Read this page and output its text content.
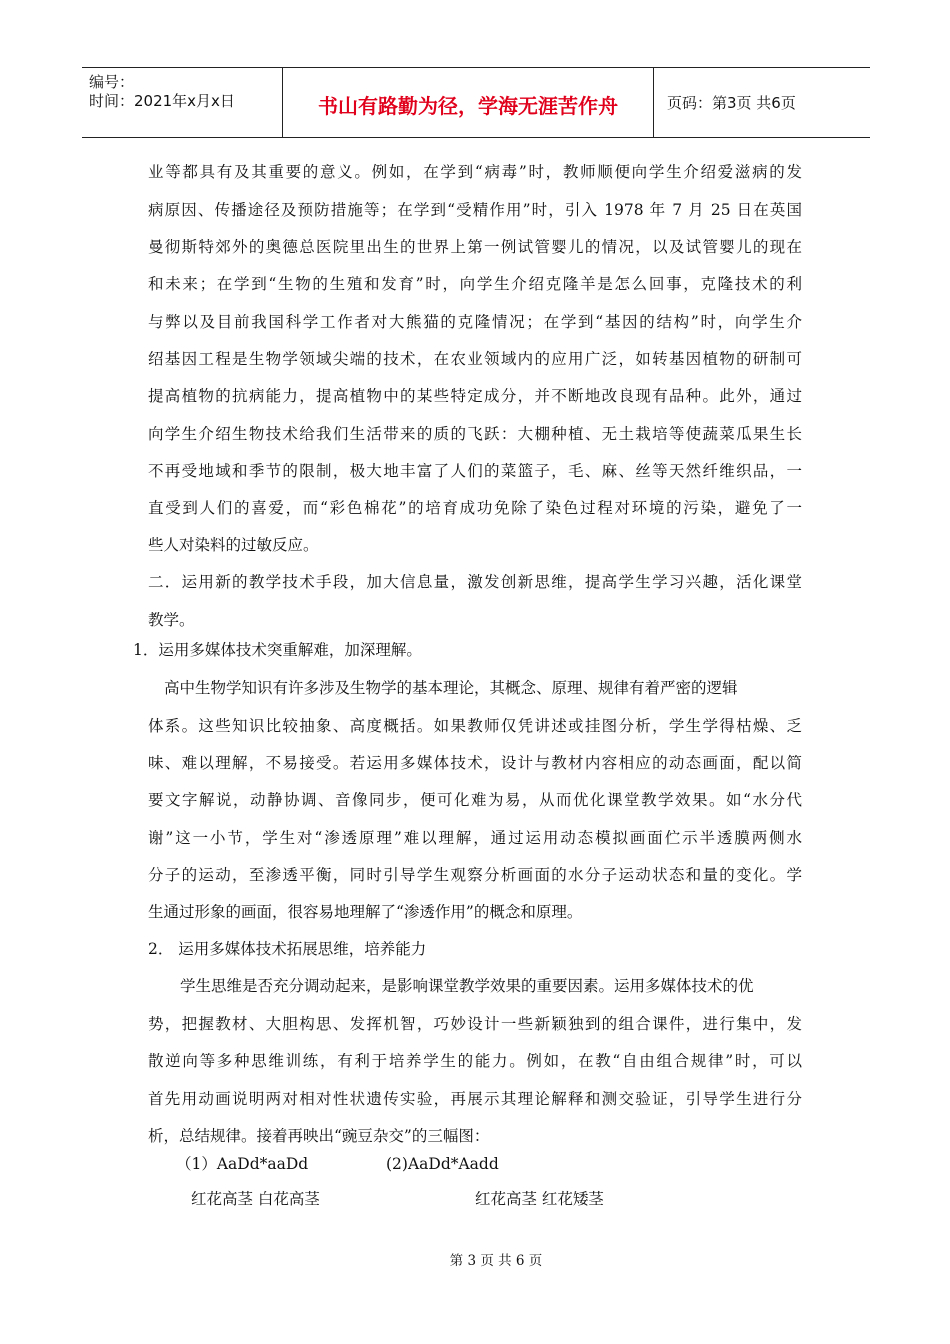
编号：
时间：2021年x月x日	书山有路勤为径，学海无涯苦作舟	页码：第3页 共6页
业等都具有及其重要的意义。例如，在学到“病毒”时，教师顺便向学生介绍爱滋病的发
病原因、传播途径及预防措施等；在学到“受精作用”时，引入 1978 年 7 月 25 日在英国
曼彻斯特郊外的奥德总医院里出生的世界上第一例试管婴儿的情况，以及试管婴儿的现在
和未来；在学到“生物的生殖和发育”时，向学生介绍克隆羊是怎么回事，克隆技术的利
与弊以及目前我国科学工作者对大熊猫的克隆情况；在学到“基因的结构”时，向学生介
绍基因工程是生物学领域尖端的技术，在农业领域内的应用广泛，如转基因植物的研制可
提高植物的抗病能力，提高植物中的某些特定成分，并不断地改良现有品种。此外，通过
向学生介绍生物技术给我们生活带来的质的飞跃：大棚种植、无土栽培等使蔬菜瓜果生长
不再受地域和季节的限制，极大地丰富了人们的菜篮子，毛、麻、丝等天然纤维织品，一
直受到人们的喜爱，而“彩色棉花”的培育成功免除了染色过程对环境的污染，避免了一
些人对染料的过敏反应。
二．运用新的教学技术手段，加大信息量，激发创新思维，提高学生学习兴趣，活化课堂
教学。
1．运用多媒体技术突重解难，加深理解。
高中生物学知识有许多涉及生物学的基本理论，其概念、原理、规律有着严密的逻辑
体系。这些知识比较抽象、高度概括。如果教师仅凭讲述或挂图分析，学生学得枯燥、乏
味、难以理解，不易接受。若运用多媒体技术，设计与教材内容相应的动态画面，配以简
要文字解说，动静协调、音像同步，便可化难为易，从而优化课堂教学效果。如“水分代
谢”这一小节，学生对“渗透原理”难以理解，通过运用动态模拟画面伫示半透膜两侧水
分子的运动，至渗透平衡，同时引导学生观察分析画面的水分子运动状态和量的变化。学
生通过形象的画面，很容易地理解了“渗透作用”的概念和原理。
2． 运用多媒体技术拓展思维，培养能力
学生思维是否充分调动起来，是影响课堂教学效果的重要因素。运用多媒体技术的优
势，把握教材、大胆构思、发挥机智，巧妙设计一些新颖独到的组合课件，进行集中，发
散逆向等多种思维训练，有利于培养学生的能力。例如，在教“自由组合规律”时，可以
首先用动画说明两对相对性状遗传实验，再展示其理论解释和测交验证，引导学生进行分
析，总结规律。接着再映出“豌豆杂交”的三幅图：
（1）AaDd*aaDd	(2)AaDd*Aadd
红花高茎 白花高茎	红花高茎 红花矮茎
第 3 页 共 6 页
